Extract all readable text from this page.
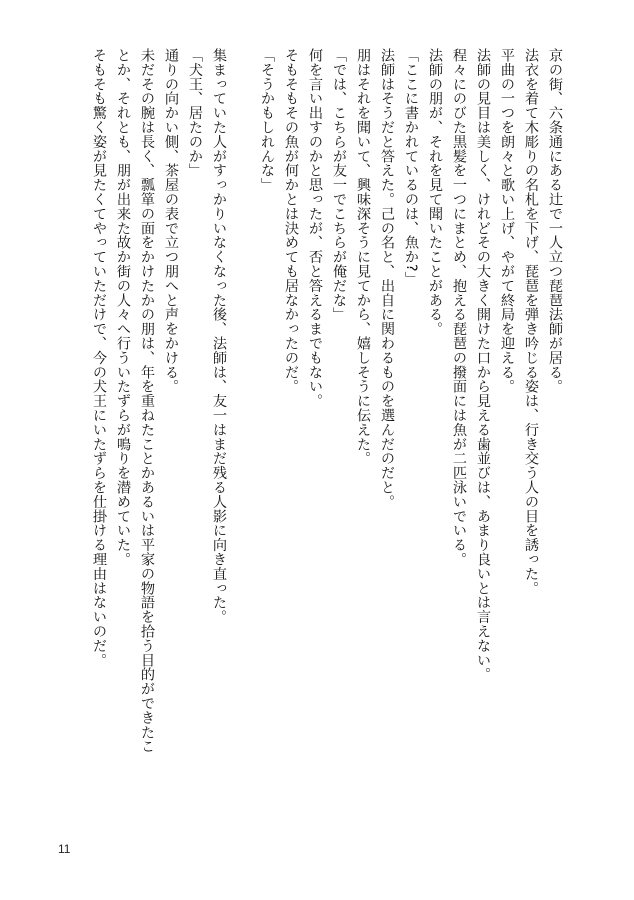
京の街、六条通にある辻で一人立つ琵琶法師が居る。
法衣を着て木彫りの名札を下げ、琵琶を弾き吟じる姿は、行き交う人の目を誘った。
平曲の一つを朗々と歌い上げ、やがて終局を迎える。
法師の見目は美しく、けれどその大きく開けた口から見える歯並びは、あまり良いとは言えない。
程々にのびた黒髪を一つにまとめ、抱える琵琶の撥面には魚が二匹泳いでいる。
法師の朋が、それを見て聞いたことがある。
「ここに書かれているのは、魚か?」
法師はそうだと答えた。己の名と、出自に関わるものを選んだのだと。
朋はそれを聞いて、興味深そうに見てから、嬉しそうに伝えた。
「では、こちらが友一でこちらが俺だな」
何を言い出すのかと思ったが、否と答えるまでもない。
そもそもその魚が何かとは決めても居なかったのだ。
「そうかもしれんな」
集まっていた人がすっかりいなくなった後、法師は、友一はまだ残る人影に向き直った。
「犬王、居たのか」
通りの向かい側、茶屋の表で立つ朋へと声をかける。
未だその腕は長く、瓢箪の面をかけたかの朋は、年を重ねたことかあるいは平家の物語を拾う目的ができたこ
とか、それとも、朋が出来た故か街の人々へ行ういたずらが鳴りを潜めていた。
そもそも驚く姿が見たくてやっていただけで、今の犬王にいたずらを仕掛ける理由はないのだ。
11
